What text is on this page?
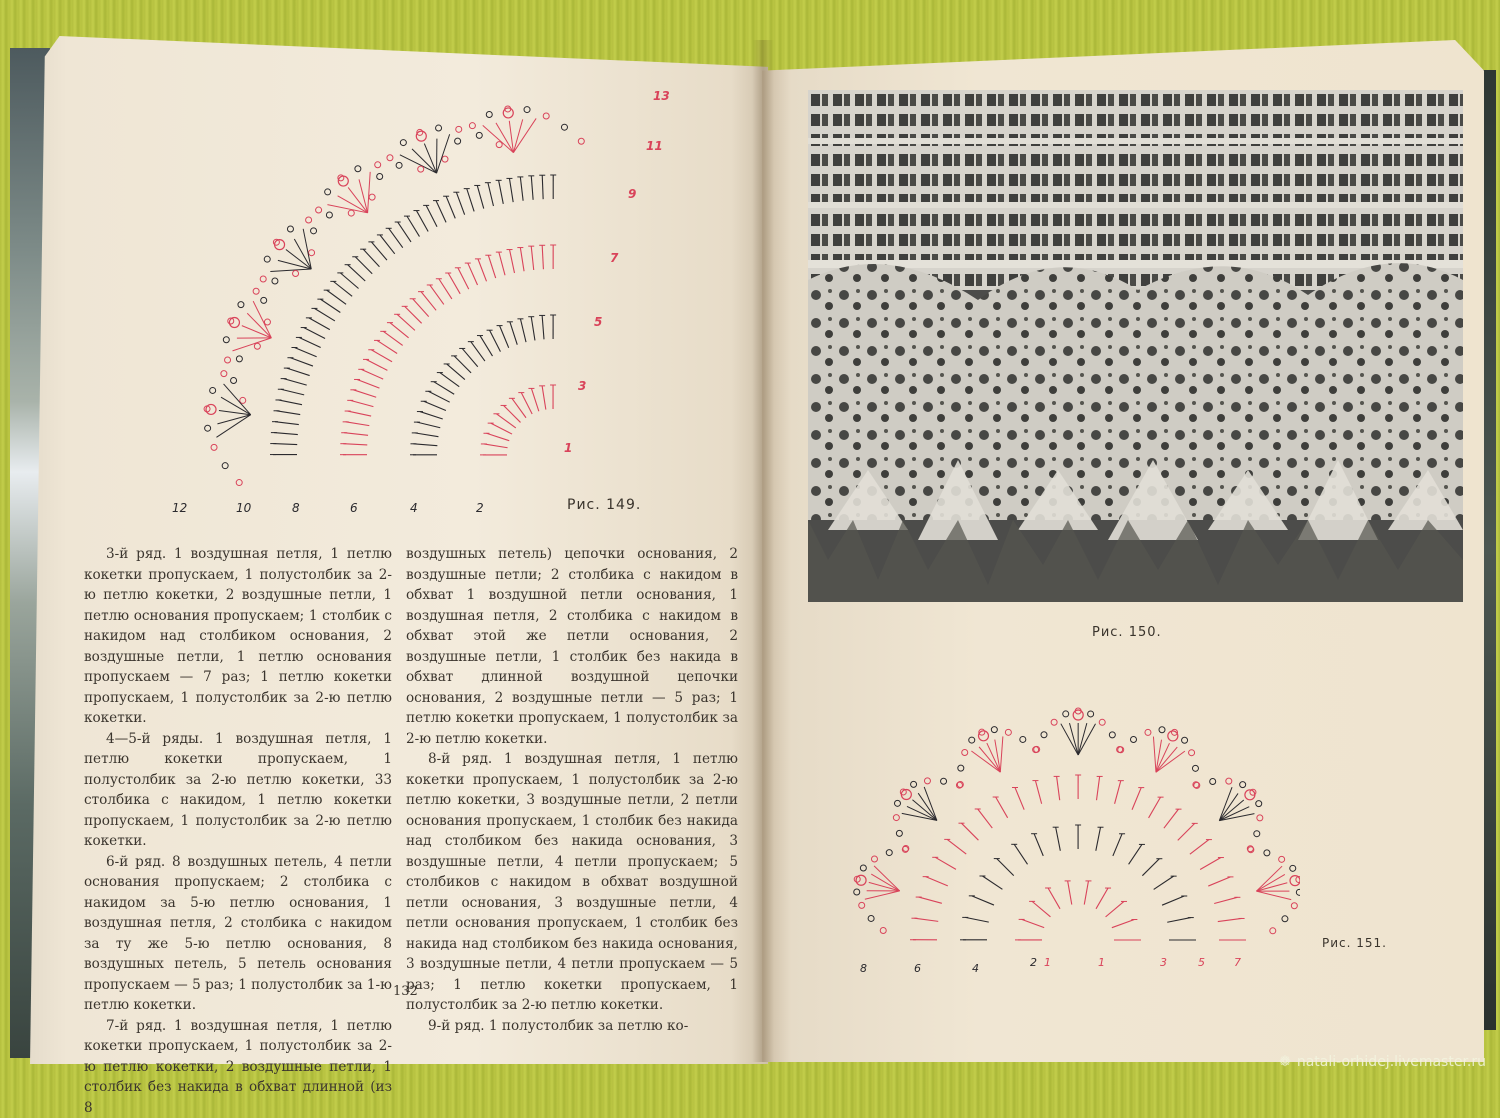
13
11
9
7
5
3
1
12	10	8	6	4	2	Рис. 149.

3-й ряд. 1 воздушная петля, 1 петлю кокетки пропускаем, 1 полустолбик за 2-ю петлю кокетки, 2 воздушные петли, 1 петлю основания пропускаем; 1 столбик с накидом над столбиком основания, 2 воздушные петли, 1 петлю основания пропускаем — 7 раз; 1 петлю кокетки пропускаем, 1 полустолбик за 2-ю петлю кокетки.

4—5-й ряды. 1 воздушная петля, 1 петлю кокетки пропускаем, 1 полустолбик за 2-ю петлю кокетки, 33 столбика с накидом, 1 петлю кокетки пропускаем, 1 полустолбик за 2-ю петлю кокетки.

6-й ряд. 8 воздушных петель, 4 петли основания пропускаем; 2 столбика с накидом за 5-ю петлю основания, 1 воздушная петля, 2 столбика с накидом за ту же 5-ю петлю основания, 8 воздушных петель, 5 петель основания пропускаем — 5 раз; 1 полустолбик за 1-ю петлю кокетки.

7-й ряд. 1 воздушная петля, 1 петлю кокетки пропускаем, 1 полустолбик за 2-ю петлю кокетки, 2 воздушные петли, 1 столбик без накида в обхват длинной (из 8

воздушных петель) цепочки основания, 2 воздушные петли; 2 столбика с накидом в обхват 1 воздушной петли основания, 1 воздушная петля, 2 столбика с накидом в обхват этой же петли основания, 2 воздушные петли, 1 столбик без накида в обхват длинной воздушной цепочки основания, 2 воздушные петли — 5 раз; 1 петлю кокетки пропускаем, 1 полустолбик за 2-ю петлю кокетки.

8-й ряд. 1 воздушная петля, 1 петлю кокетки пропускаем, 1 полустолбик за 2-ю петлю кокетки, 3 воздушные петли, 2 петли основания пропускаем, 1 столбик без накида над столбиком без накида основания, 3 воздушные петли, 4 петли пропускаем; 5 столбиков с накидом в обхват воздушной петли основания, 3 воздушные петли, 4 петли основания пропускаем, 1 столбик без накида над столбиком без накида основания, 3 воздушные петли, 4 петли пропускаем — 5 раз; 1 петлю кокетки пропускаем, 1 полустолбик за 2-ю петлю кокетки.

9-й ряд. 1 полустолбик за петлю ко-

132
Рис. 150.
8	6	4	2 1	1	3	5	7
Рис. 151.
❁ natali-orhidej.livemaster.ru
